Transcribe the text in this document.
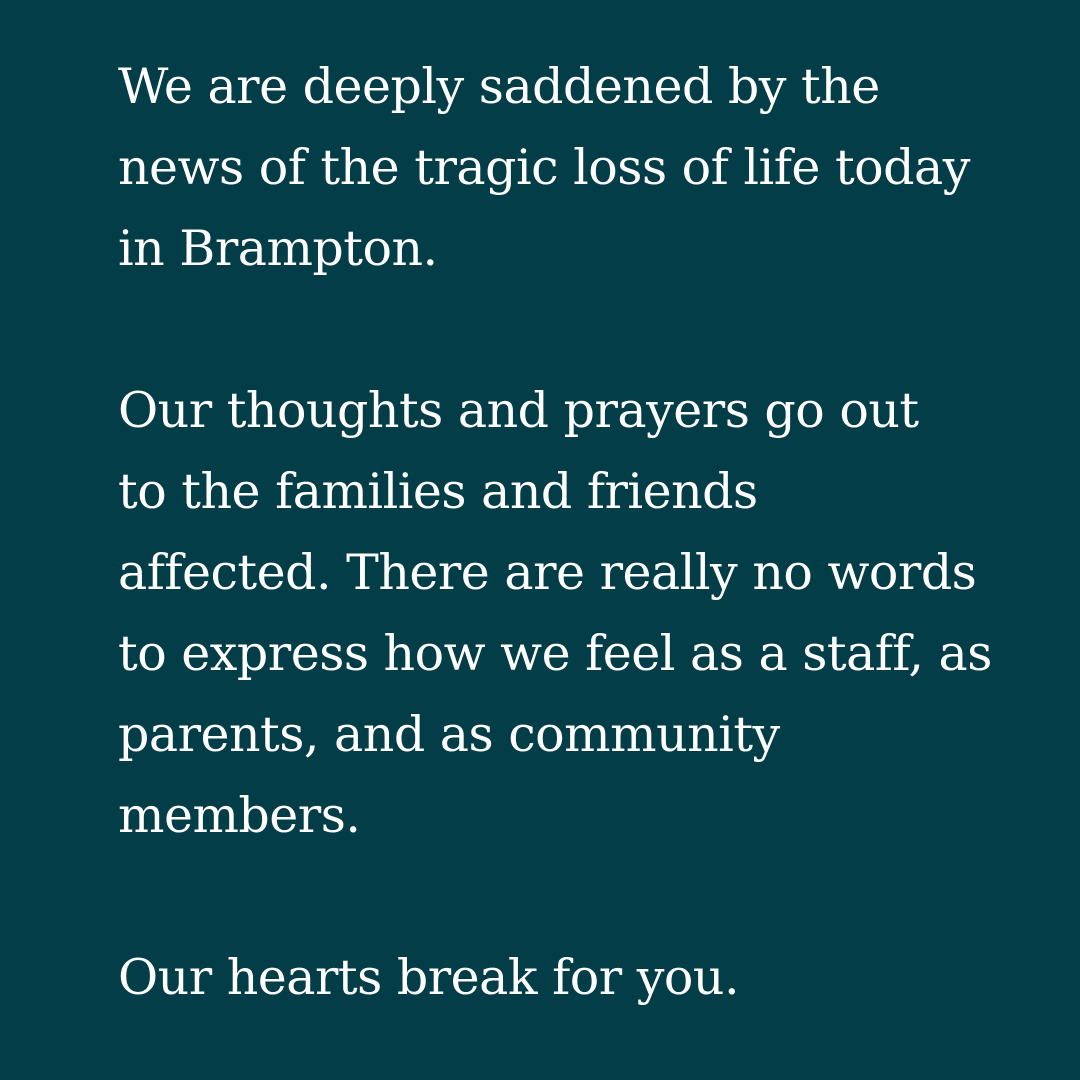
We are deeply saddened by the
news of the tragic loss of life today
in Brampton.

Our thoughts and prayers go out
to the families and friends
affected. There are really no words
to express how we feel as a staff, as
parents, and as community
members.

Our hearts break for you.
